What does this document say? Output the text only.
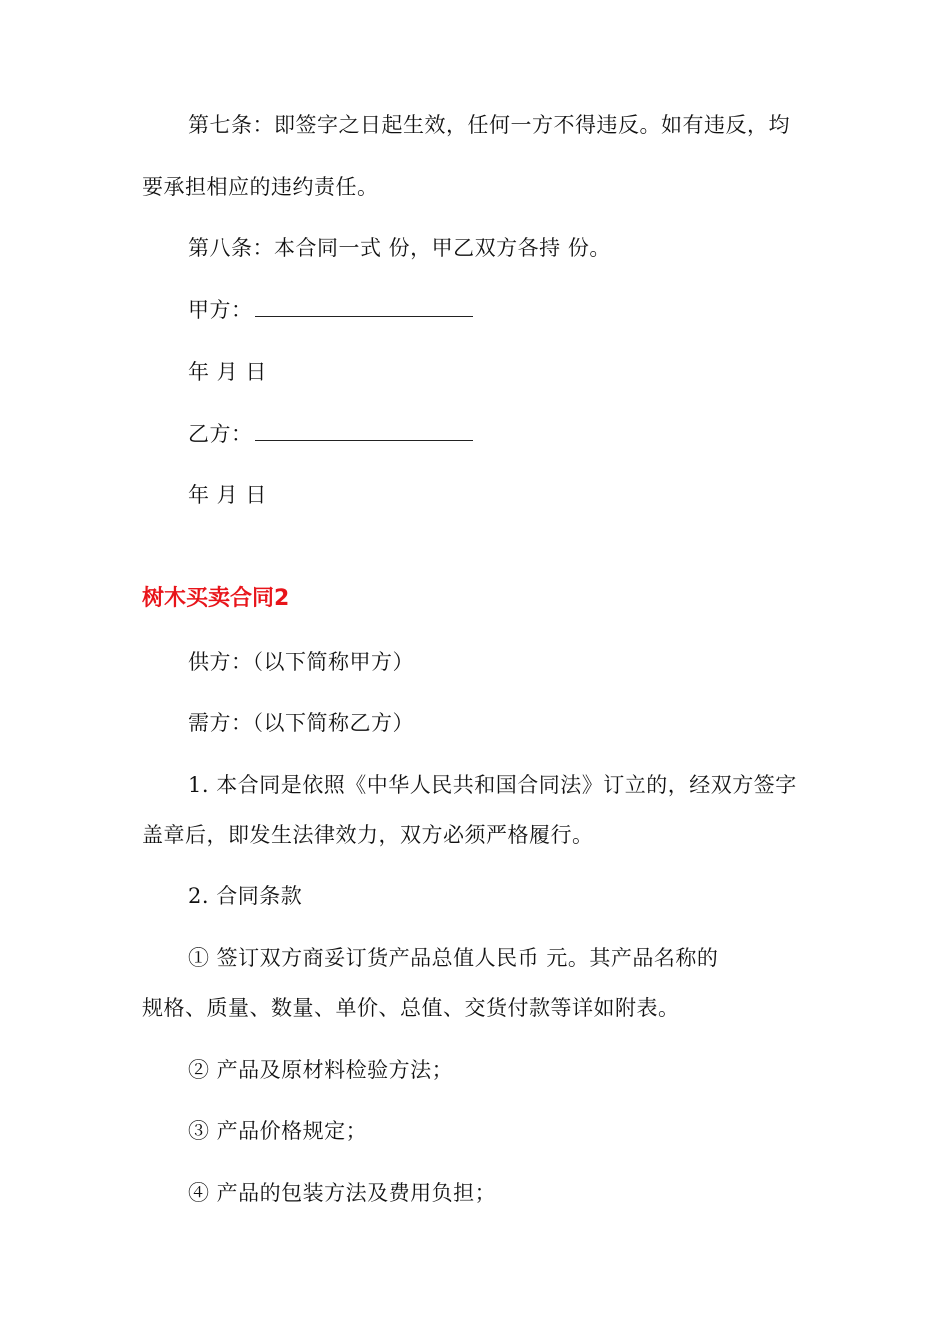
第七条：即签字之日起生效，任何一方不得违反。如有违反，均
要承担相应的违约责任。
第八条：本合同一式 份，甲乙双方各持 份。
甲方：
年 月 日
乙方：
年 月 日
树木买卖合同2
供方：（以下简称甲方）
需方：（以下简称乙方）
1. 本合同是依照《中华人民共和国合同法》订立的，经双方签字
盖章后，即发生法律效力，双方必须严格履行。
2. 合同条款
① 签订双方商妥订货产品总值人民币 元。其产品名称的
规格、质量、数量、单价、总值、交货付款等详如附表。
② 产品及原材料检验方法；
③ 产品价格规定；
④ 产品的包装方法及费用负担；
